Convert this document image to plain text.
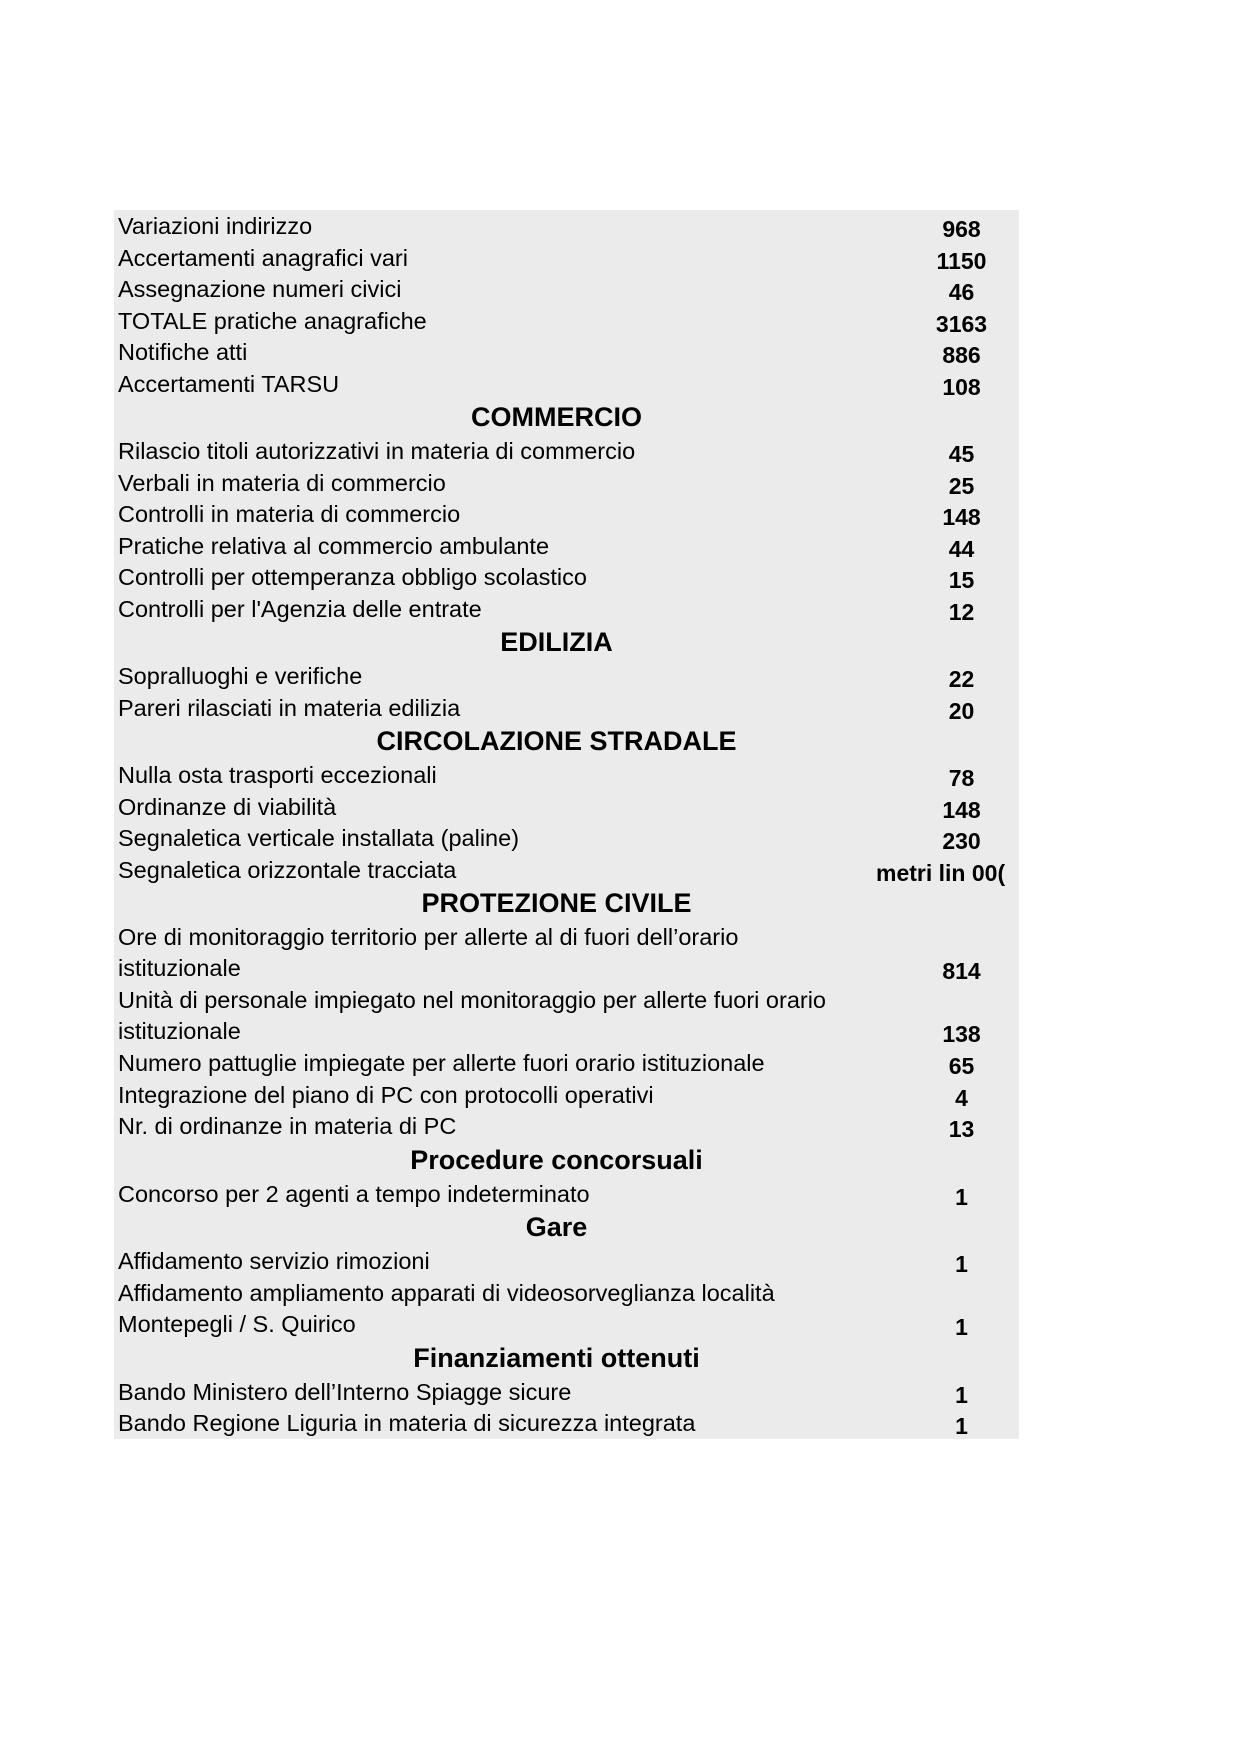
Variazioni indirizzo	968
Accertamenti anagrafici vari	1150
Assegnazione numeri civici	46
TOTALE pratiche anagrafiche	3163
Notifiche atti	886
Accertamenti TARSU	108
COMMERCIO
Rilascio titoli autorizzativi in materia di commercio	45
Verbali in materia di commercio	25
Controlli in materia di commercio	148
Pratiche relativa al commercio ambulante	44
Controlli per ottemperanza obbligo scolastico	15
Controlli per l'Agenzia delle entrate	12
EDILIZIA
Sopralluoghi e verifiche	22
Pareri rilasciati in materia edilizia	20
CIRCOLAZIONE STRADALE
Nulla osta trasporti eccezionali	78
Ordinanze di viabilità	148
Segnaletica verticale installata (paline)	230
Segnaletica orizzontale tracciata	)00 metri lin
PROTEZIONE CIVILE
Ore di monitoraggio territorio per allerte al di fuori dell’orario istituzionale	814
Unità di personale impiegato nel monitoraggio per allerte fuori orario istituzionale	138
Numero pattuglie impiegate per allerte fuori orario istituzionale	65
Integrazione del piano di PC con protocolli operativi	4
Nr. di ordinanze in materia di PC	13
Procedure concorsuali
Concorso per 2 agenti a tempo indeterminato	1
Gare
Affidamento servizio rimozioni	1
Affidamento ampliamento apparati di videosorveglianza località Montepegli / S. Quirico	1
Finanziamenti ottenuti
Bando Ministero dell’Interno Spiagge sicure	1
Bando Regione Liguria in materia di sicurezza integrata	1
